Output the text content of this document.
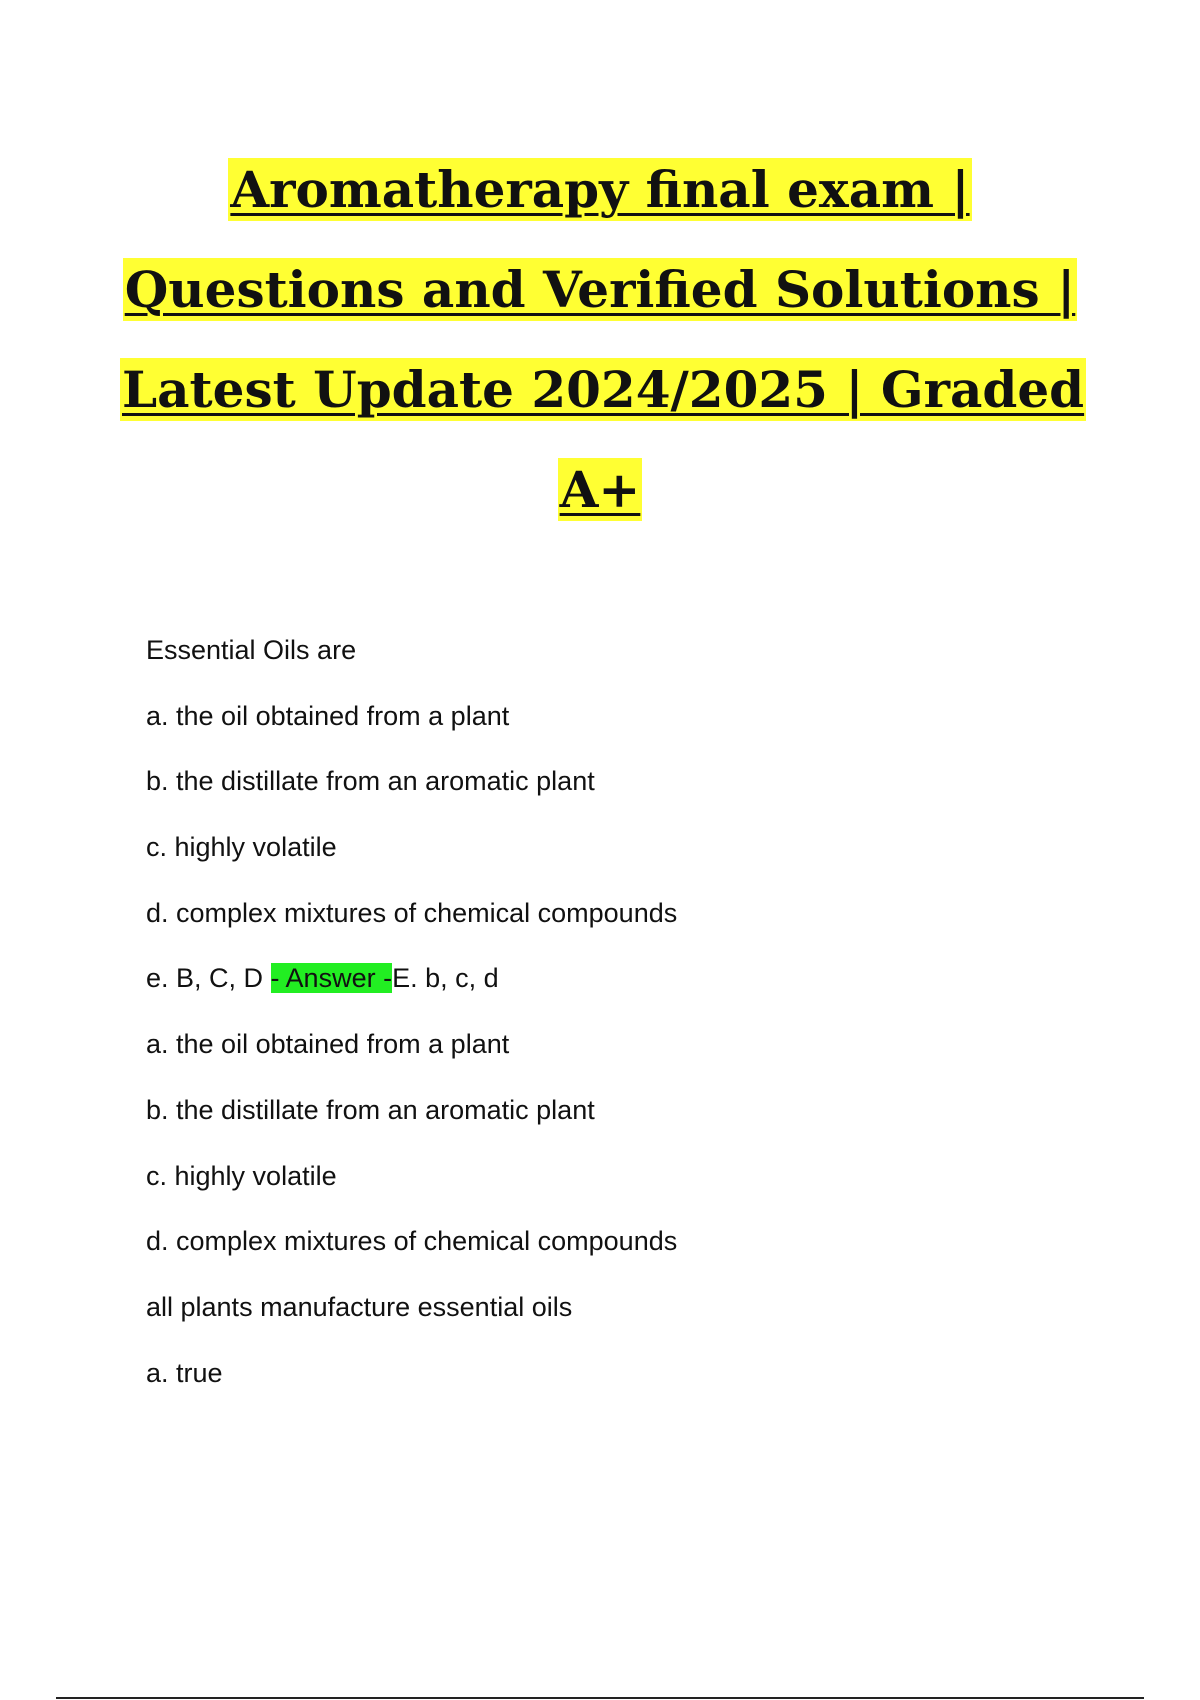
Aromatherapy final exam |
Questions and Verified Solutions |
Latest Update 2024/2025 | Graded
A+
Essential Oils are
a. the oil obtained from a plant
b. the distillate from an aromatic plant
c. highly volatile
d. complex mixtures of chemical compounds
e. B, C, D - Answer -E. b, c, d
a. the oil obtained from a plant
b. the distillate from an aromatic plant
c. highly volatile
d. complex mixtures of chemical compounds
all plants manufacture essential oils
a. true
